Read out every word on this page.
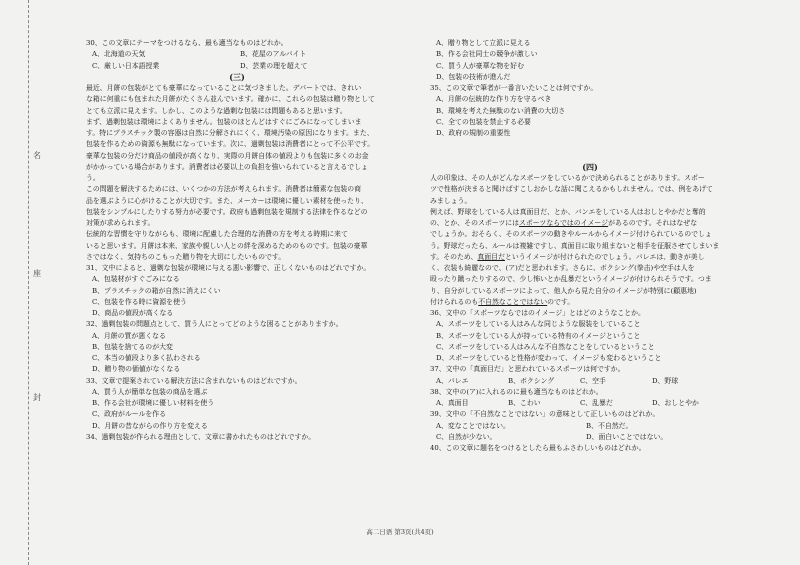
名
座
封
30、この文章にテーマをつけるなら、最も適当なものはどれか。
A、北海道の天気	B、花屋のアルバイト
C、厳しい日本語授業	D、芸業の理を超えて
(三)
最近、月餅の包装がとても豪華になっていることに気づきました。デパートでは、きれい
な箱に何重にも包まれた月餅がたくさん並んでいます。確かに、これらの包装は贈り物として
とても立派に見えます。しかし、このような過剰な包装には問題もあると思います。
まず、過剰包装は環境によくありません。包装のほとんどはすぐにごみになってしまいま
す。特にプラスチック製の容器は自然に分解されにくく、環境汚染の原因になります。また、
包装を作るための資源も無駄になっています。次に、過剰包装は消費者にとって不公平です。
豪華な包装の分だけ商品の値段が高くなり、実際の月餅自体の値段よりも包装に多くのお金
がかかっている場合があります。消費者は必要以上の負担を強いられていると言えるでしょ
う。
この問題を解決するためには、いくつかの方法が考えられます。消費者は簡素な包装の商
品を選ぶように心がけることが大切です。また、メーカーは環境に優しい素材を使ったり、
包装をシンプルにしたりする努力が必要です。政府も過剰包装を規制する法律を作るなどの
対策が求められます。
伝統的な習慣を守りながらも、環境に配慮した合理的な消費の方を考える時期に来て
いると思います。月餅は本来、家族や親しい人との絆を深めるためのものです。包装の豪華
さではなく、気持ちのこもった贈り物を大切にしたいものです。
31、文中によると、過剰な包装が環境に与える悪い影響で、正しくないものはどれですか。
A、包装材がすぐごみになる
B、プラスチックの箱が自然に消えにくい
C、包装を作る時に資源を使う
D、商品の値段が高くなる
32、過剰包装の問題点として、買う人にとってどのような困ることがありますか。
A、月餅の質が悪くなる
B、包装を捨てるのが大変
C、本当の値段より多く払わされる
D、贈り物の価値がなくなる
33、文章で提案されている解決方法に含まれないものはどれですか。
A、買う人が簡単な包装の商品を選ぶ
B、作る会社が環境に優しい材料を使う
C、政府がルールを作る
D、月餅の昔ながらの作り方を変える
34、過剰包装が作られる理由として、文章に書かれたものはどれですか。
A、贈り物として立派に見える
B、作る会社同士の競争が激しい
C、買う人が豪華な物を好む
D、包装の技術が進んだ
35、この文章で筆者が一番言いたいことは何ですか。
A、月餅の伝統的な作り方を守るべき
B、環境を考えた無駄のない消費の大切さ
C、全ての包装を禁止する必要
D、政府の規制の重要性
(四)
人の印象は、その人がどんなスポーツをしているかで決められることがあります。スポー
ツで性格が決まると聞けばすこしおかしな話に聞こえるかもしれません。では、例をあげて
みましょう。
例えば、野球をしている人は真面目だ、とか、バンエをしている人はおしとやかだと奪的
の、とか、そのスポーツにはスポーツならではのイメージがあるのです。それはなぜな
でしょうか。おそらく、そのスポーツの動きやルールからイメージ付けられているのでしょ
う。野球だったら、ルールは複雑ですし、真面目に取り組まないと相手を征服させてしまいま
す。そのため、真面目だというイメージが付けられたのでしょう。バレエは、動きが美し
く、衣装も綺麗なので、(ア)だと思われます。さらに、ボクシング(拳击)や空手は人を
殴ったり蹴ったりするので、少し怖いとか乱暴だというイメージが付けられそうです。つま
り、自分がしているスポーツによって、他人から見た自分のイメージが特別に(顧惠地)
付けられるのも不自然なことではないのです。
36、文中の「スポーツならではのイメージ」とはどのようなことか。
A、スポーツをしている人はみんな同じような服装をしていること
B、スポーツをしている人が持っている特有のイメージということ
C、スポーツをしている人はみんな不自然なことをしているということ
D、スポーツをしていると性格が変わって、イメージも変わるということ
37、文中の「真面目だ」と思われているスポーツは何ですか。
A、バレエ	B、ボクシング	C、空手	D、野球
38、文中の(ア)に入れるのに最も適当なものはどれか。
A、真面目	B、こわい	C、乱暴だ	D、おしとやか
39、文中の「不自然なことではない」の意味として正しいものはどれか。
A、変なことではない。	B、不自然だ。
C、自然が少ない。	D、面白いことではない。
40、この文章に題名をつけるとしたら最もふさわしいものはどれか。
高二日语 第3页(共4页)
